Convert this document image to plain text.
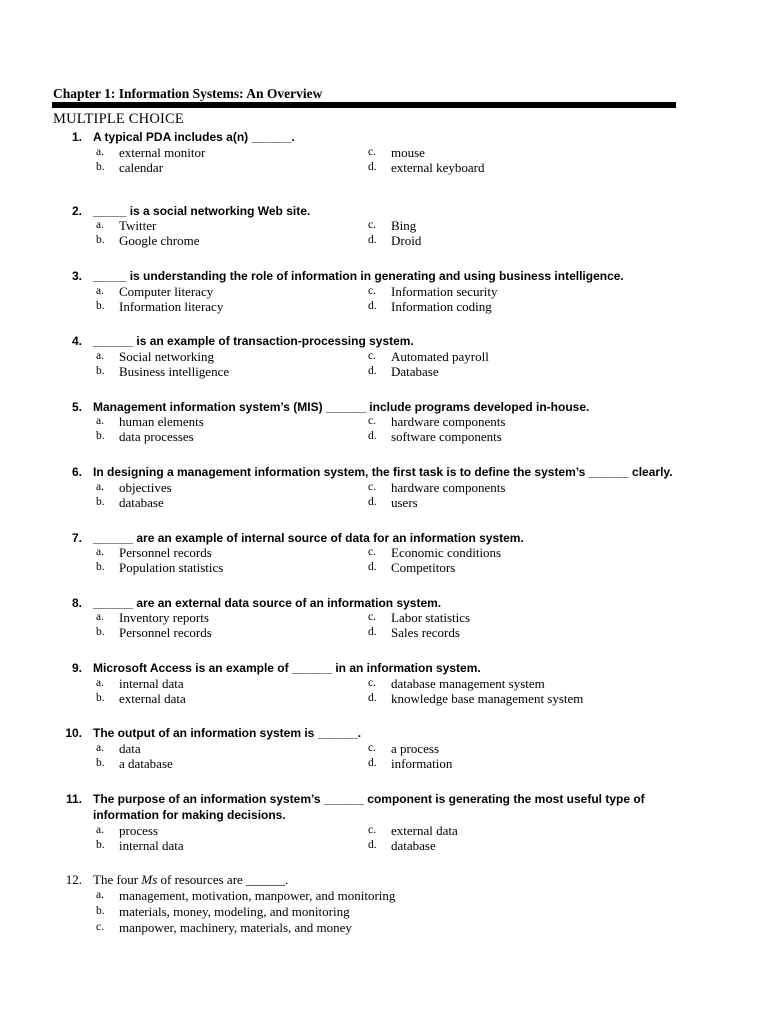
Chapter 1: Information Systems: An Overview
MULTIPLE CHOICE
1. A typical PDA includes a(n) ______.
a. external monitor
b. calendar
c. mouse
d. external keyboard
2. _____ is a social networking Web site.
a. Twitter
b. Google chrome
c. Bing
d. Droid
3. _____ is understanding the role of information in generating and using business intelligence.
a. Computer literacy
b. Information literacy
c. Information security
d. Information coding
4. ______ is an example of transaction-processing system.
a. Social networking
b. Business intelligence
c. Automated payroll
d. Database
5. Management information system’s (MIS) ______ include programs developed in-house.
a. human elements
b. data processes
c. hardware components
d. software components
6. In designing a management information system, the first task is to define the system’s ______ clearly.
a. objectives
b. database
c. hardware components
d. users
7. ______ are an example of internal source of data for an information system.
a. Personnel records
b. Population statistics
c. Economic conditions
d. Competitors
8. ______ are an external data source of an information system.
a. Inventory reports
b. Personnel records
c. Labor statistics
d. Sales records
9. Microsoft Access is an example of ______ in an information system.
a. internal data
b. external data
c. database management system
d. knowledge base management system
10. The output of an information system is ______.
a. data
b. a database
c. a process
d. information
11. The purpose of an information system’s ______ component is generating the most useful type of
information for making decisions.
a. process
b. internal data
c. external data
d. database
12. The four Ms of resources are ______.
a. management, motivation, manpower, and monitoring
b. materials, money, modeling, and monitoring
c. manpower, machinery, materials, and money
